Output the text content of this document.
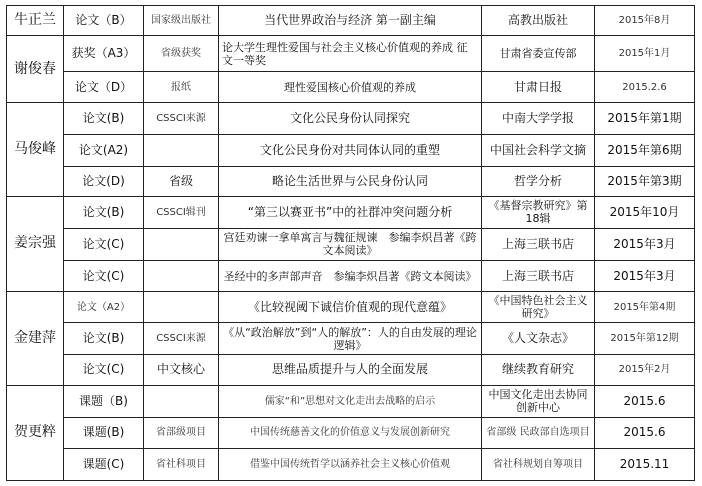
牛正兰	论文（B）	国家级出版社	当代世界政治与经济 第一副主编	高教出版社	2015年8月
谢俊春	获奖（A3）	省级获奖	论大学生理性爱国与社会主义核心价值观的养成 征文一等奖	甘肃省委宣传部	2015年1月
	论文（D）	报纸	理性爱国核心价值观的养成	甘肃日报	2015.2.6
马俊峰	论文(B)	CSSCI来源	文化公民身份认同探究	中南大学学报	2015年第1期
	论文(A2)		文化公民身份对共同体认同的重塑	中国社会科学文摘	2015年第6期
	论文(D)	省级	略论生活世界与公民身份认同	哲学分析	2015年第3期
姜宗强	论文(B)	CSSCI辑刊	“第三以赛亚书”中的社群冲突问题分析	《基督宗教研究》第18辑	2015年10月
	论文(C)		宫廷劝谏一拿单寓言与魏征规谏　参编李炽昌著《跨文本阅读》	上海三联书店	2015年3月
	论文(C)		圣经中的多声部声音　参编李炽昌著《跨文本阅读》	上海三联书店	2015年3月
金建萍	论文（A2）		《比较视阈下诚信价值观的现代意蕴》	《中国特色社会主义研究》	2015年第4期
	论文(B)	CSSCI来源	《从“政治解放”到“人的解放”：人的自由发展的理论逻辑》	《人文杂志》	2015年第12期
	论文(C)	中文核心	思维品质提升与人的全面发展	继续教育研究	2015年2月
贺更粹	课题（B)		儒家“和”思想对文化走出去战略的启示	中国文化走出去协同创新中心	2015.6
	课题(B)	省部级项目	中国传统慈善文化的价值意义与发展创新研究	省部级 民政部自选项目	2015.6
	课题(C)	省社科项目	借鉴中国传统哲学以涵养社会主义核心价值观	省社科规划自筹项目	2015.11
